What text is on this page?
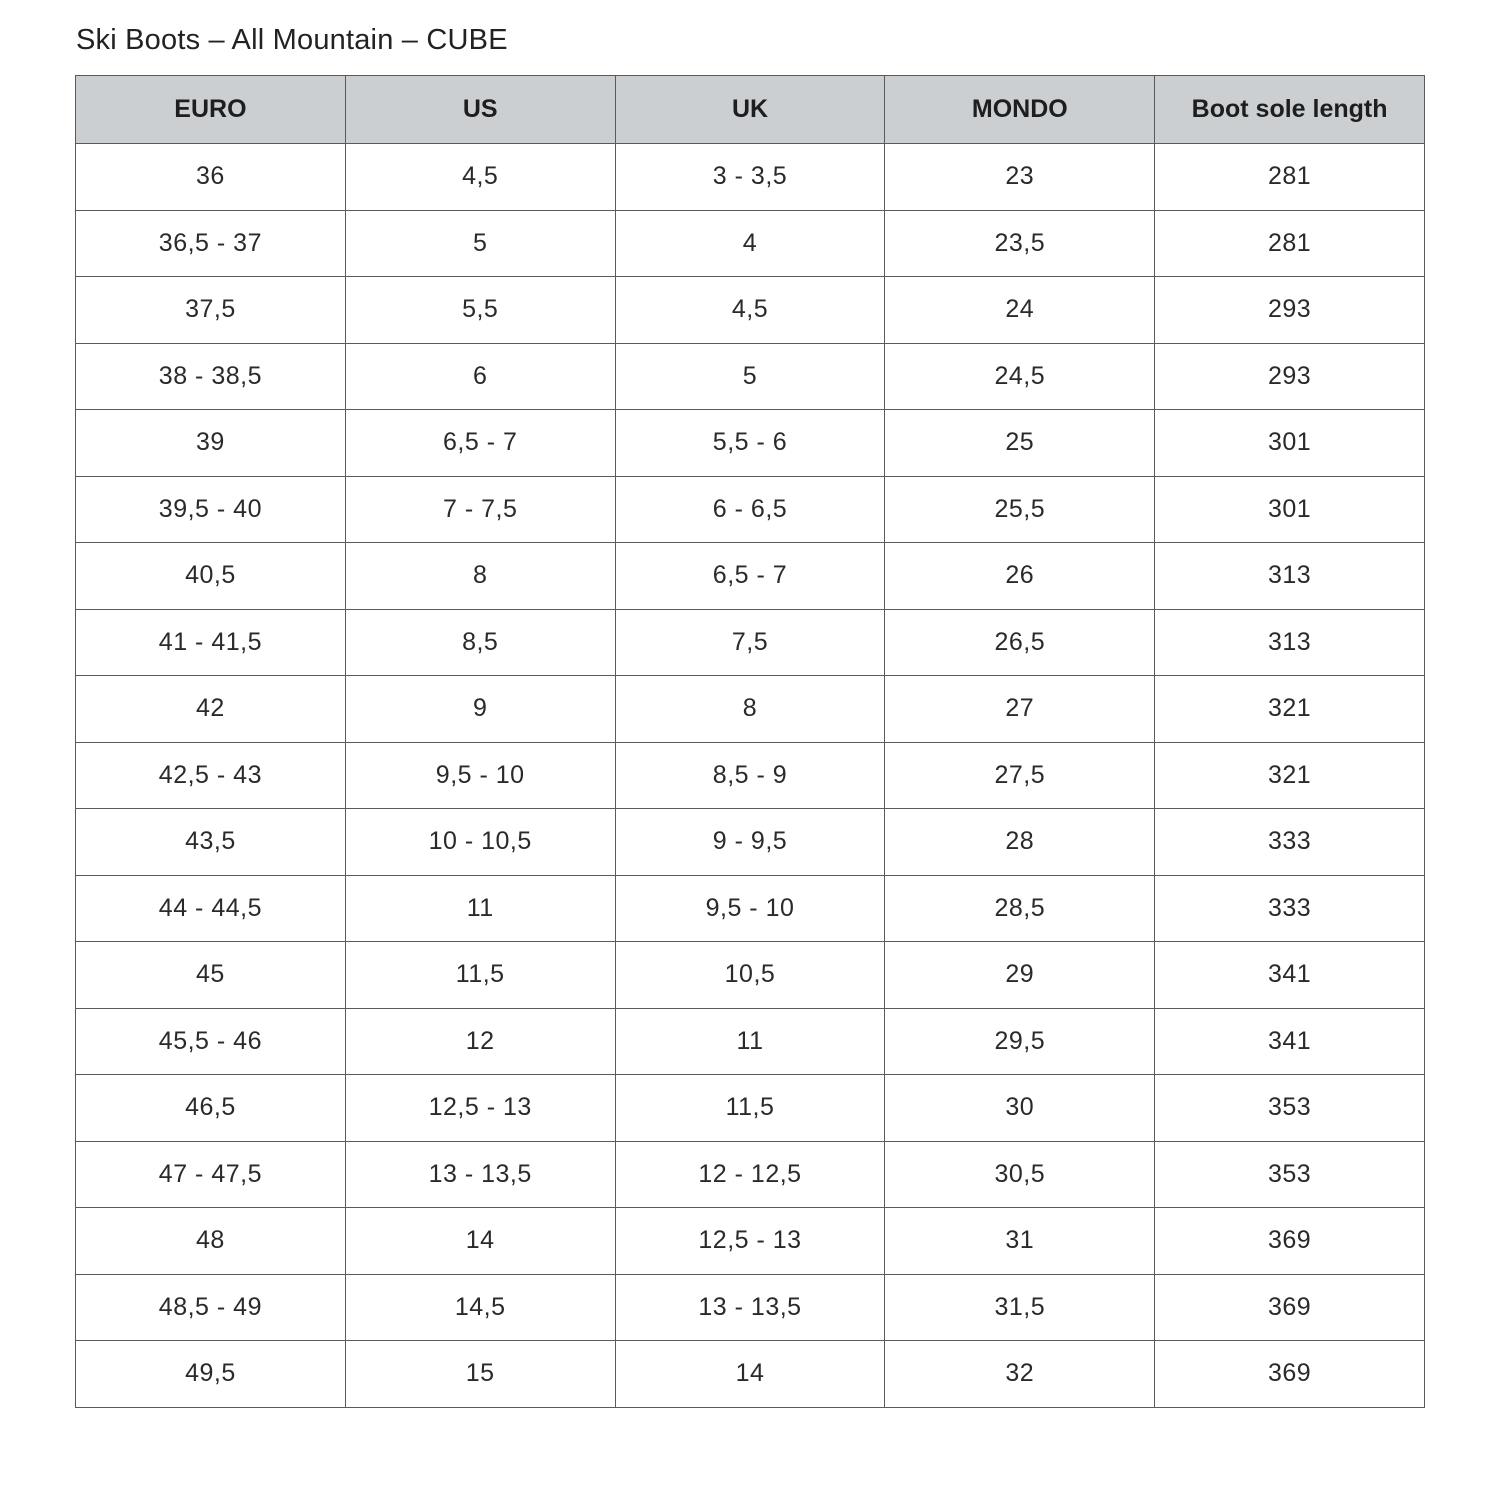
Ski Boots – All Mountain – CUBE
EURO	US	UK	MONDO	Boot sole length
36	4,5	3 - 3,5	23	281
36,5 - 37	5	4	23,5	281
37,5	5,5	4,5	24	293
38 - 38,5	6	5	24,5	293
39	6,5 - 7	5,5 - 6	25	301
39,5 - 40	7 - 7,5	6 - 6,5	25,5	301
40,5	8	6,5 - 7	26	313
41 - 41,5	8,5	7,5	26,5	313
42	9	8	27	321
42,5 - 43	9,5 - 10	8,5 - 9	27,5	321
43,5	10 - 10,5	9 - 9,5	28	333
44 - 44,5	11	9,5 - 10	28,5	333
45	11,5	10,5	29	341
45,5 - 46	12	11	29,5	341
46,5	12,5 - 13	11,5	30	353
47 - 47,5	13 - 13,5	12 - 12,5	30,5	353
48	14	12,5 - 13	31	369
48,5 - 49	14,5	13 - 13,5	31,5	369
49,5	15	14	32	369
